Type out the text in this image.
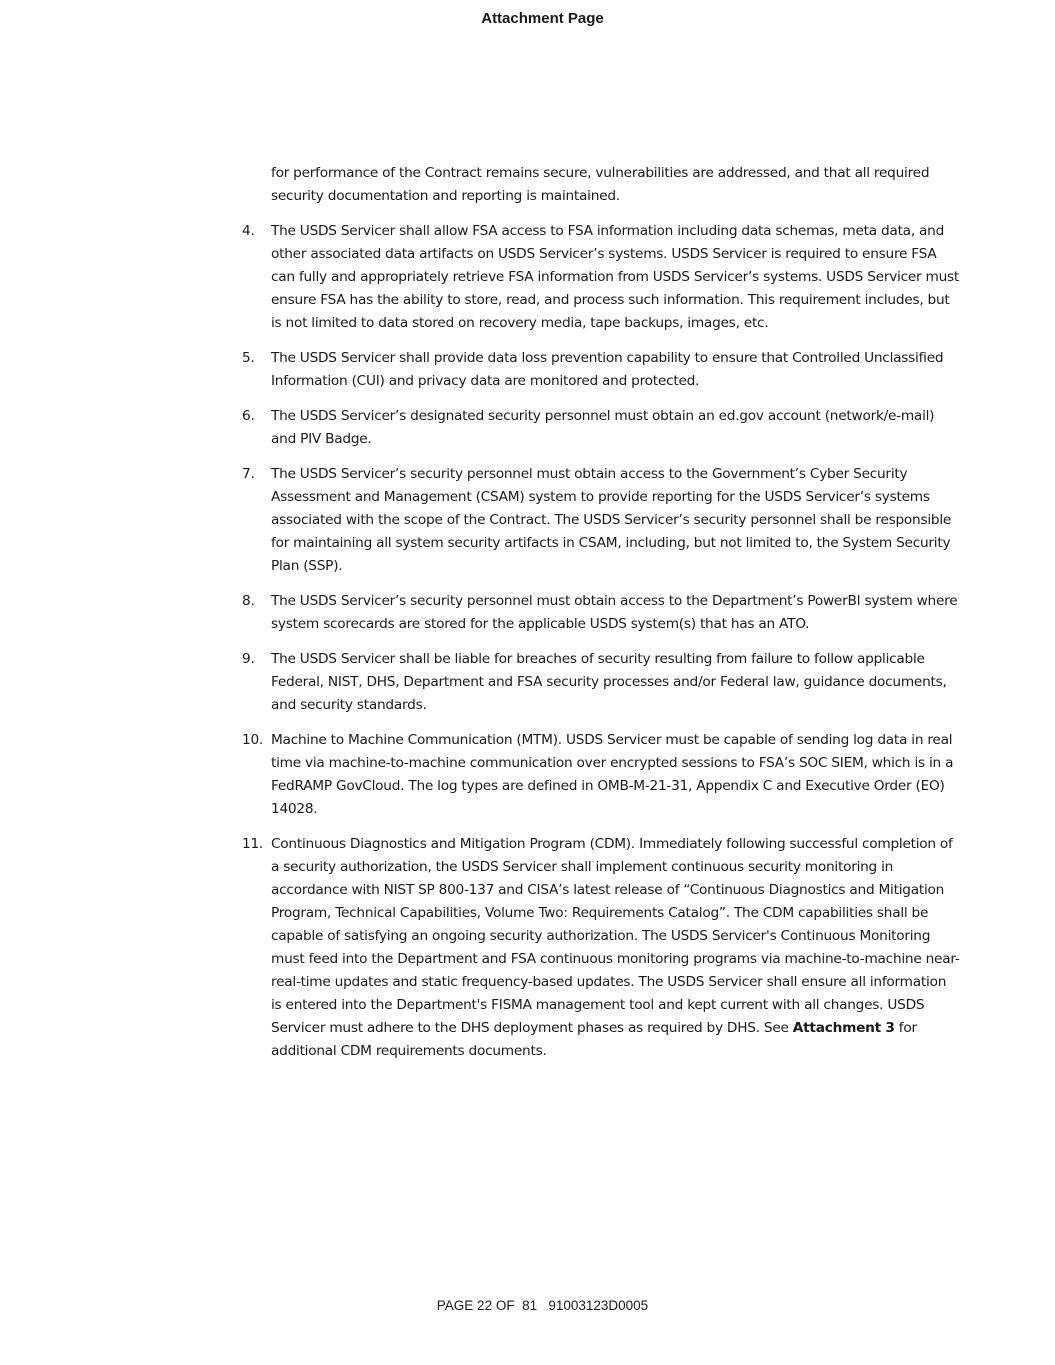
Attachment Page
for performance of the Contract remains secure, vulnerabilities are addressed, and that all required security documentation and reporting is maintained.
4.	The USDS Servicer shall allow FSA access to FSA information including data schemas, meta data, and other associated data artifacts on USDS Servicer’s systems. USDS Servicer is required to ensure FSA can fully and appropriately retrieve FSA information from USDS Servicer’s systems. USDS Servicer must ensure FSA has the ability to store, read, and process such information. This requirement includes, but is not limited to data stored on recovery media, tape backups, images, etc.
5.	The USDS Servicer shall provide data loss prevention capability to ensure that Controlled Unclassified Information (CUI) and privacy data are monitored and protected.
6.	The USDS Servicer’s designated security personnel must obtain an ed.gov account (network/e-mail) and PIV Badge.
7.	The USDS Servicer’s security personnel must obtain access to the Government’s Cyber Security Assessment and Management (CSAM) system to provide reporting for the USDS Servicer’s systems associated with the scope of the Contract. The USDS Servicer’s security personnel shall be responsible for maintaining all system security artifacts in CSAM, including, but not limited to, the System Security Plan (SSP).
8.	The USDS Servicer’s security personnel must obtain access to the Department’s PowerBI system where system scorecards are stored for the applicable USDS system(s) that has an ATO.
9.	The USDS Servicer shall be liable for breaches of security resulting from failure to follow applicable Federal, NIST, DHS, Department and FSA security processes and/or Federal law, guidance documents, and security standards.
10. Machine to Machine Communication (MTM). USDS Servicer must be capable of sending log data in real time via machine-to-machine communication over encrypted sessions to FSA’s SOC SIEM, which is in a FedRAMP GovCloud. The log types are defined in OMB-M-21-31, Appendix C and Executive Order (EO) 14028.
11. Continuous Diagnostics and Mitigation Program (CDM). Immediately following successful completion of a security authorization, the USDS Servicer shall implement continuous security monitoring in accordance with NIST SP 800-137 and CISA’s latest release of “Continuous Diagnostics and Mitigation Program, Technical Capabilities, Volume Two: Requirements Catalog”. The CDM capabilities shall be capable of satisfying an ongoing security authorization. The USDS Servicer's Continuous Monitoring must feed into the Department and FSA continuous monitoring programs via machine-to-machine near-real-time updates and static frequency-based updates. The USDS Servicer shall ensure all information is entered into the Department's FISMA management tool and kept current with all changes. USDS Servicer must adhere to the DHS deployment phases as required by DHS. See Attachment 3 for additional CDM requirements documents.
PAGE 22 OF  81   91003123D0005
